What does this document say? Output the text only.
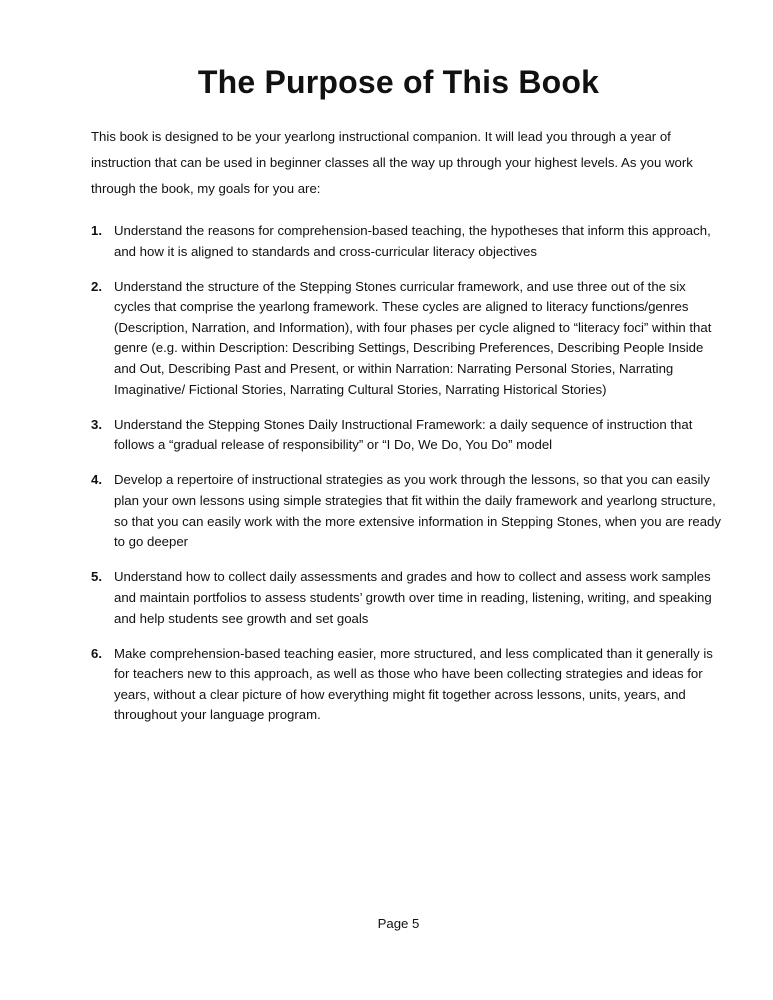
The Purpose of This Book

This book is designed to be your yearlong instructional companion. It will lead you through a year of instruction that can be used in beginner classes all the way up through your highest levels. As you work through the book, my goals for you are:

1. Understand the reasons for comprehension-based teaching, the hypotheses that inform this approach, and how it is aligned to standards and cross-curricular literacy objectives
2. Understand the structure of the Stepping Stones curricular framework, and use three out of the six cycles that comprise the yearlong framework. These cycles are aligned to literacy functions/genres (Description, Narration, and Information), with four phases per cycle aligned to “literacy foci” within that genre (e.g. within Description: Describing Settings, Describing Preferences, Describing People Inside and Out, Describing Past and Present, or within Narration: Narrating Personal Stories, Narrating Imaginative/ Fictional Stories, Narrating Cultural Stories, Narrating Historical Stories)
3. Understand the Stepping Stones Daily Instructional Framework: a daily sequence of instruction that follows a “gradual release of responsibility” or “I Do, We Do, You Do” model
4. Develop a repertoire of instructional strategies as you work through the lessons, so that you can easily plan your own lessons using simple strategies that fit within the daily framework and yearlong structure, so that you can easily work with the more extensive information in Stepping Stones, when you are ready to go deeper
5. Understand how to collect daily assessments and grades and how to collect and assess work samples and maintain portfolios to assess students’ growth over time in reading, listening, writing, and speaking and help students see growth and set goals
6. Make comprehension-based teaching easier, more structured, and less complicated than it generally is for teachers new to this approach, as well as those who have been collecting strategies and ideas for years, without a clear picture of how everything might fit together across lessons, units, years, and throughout your language program.
Page 5
